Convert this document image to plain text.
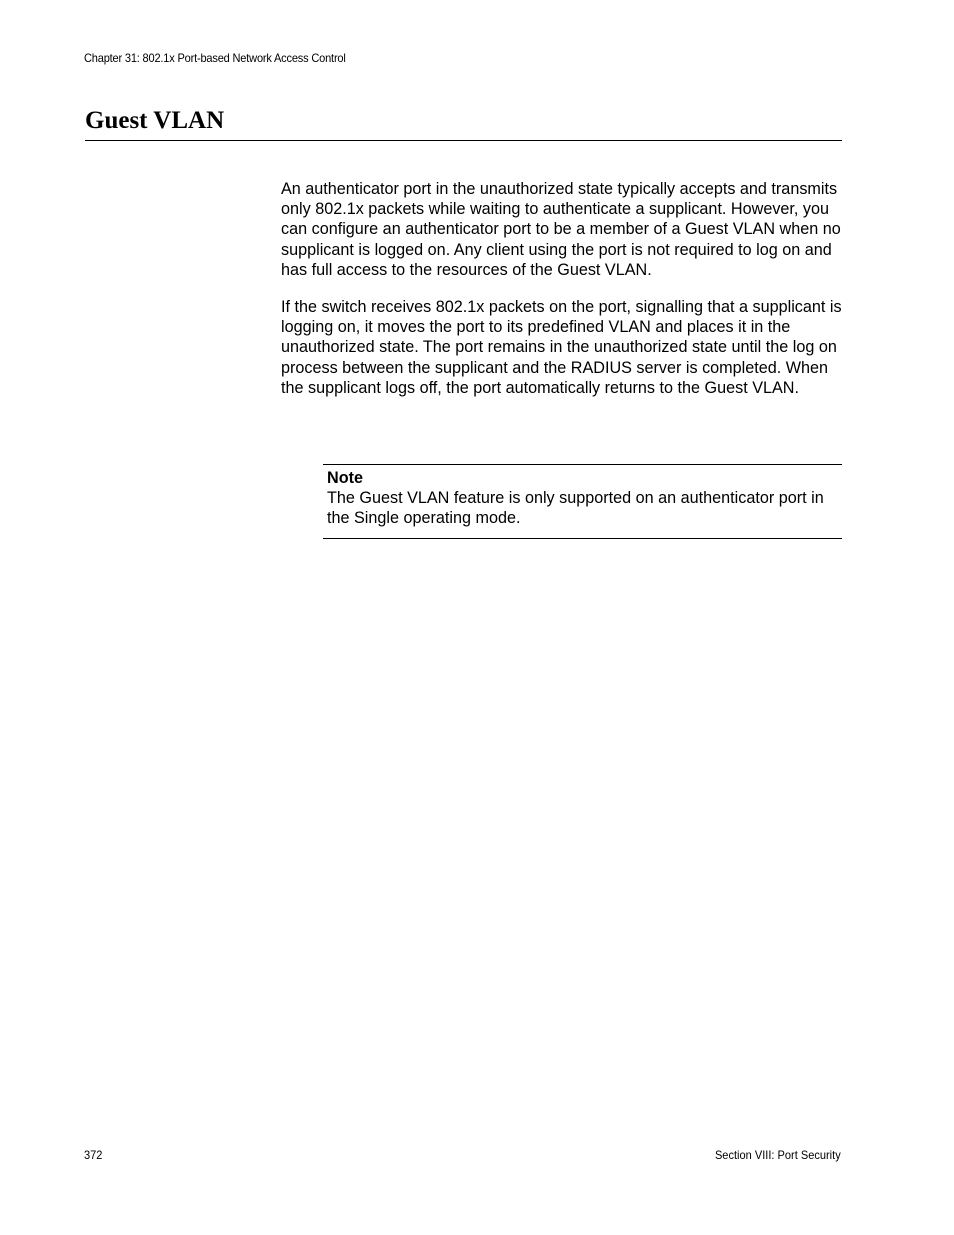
Chapter 31: 802.1x Port-based Network Access Control
Guest VLAN

An authenticator port in the unauthorized state typically accepts and transmits only 802.1x packets while waiting to authenticate a supplicant. However, you can configure an authenticator port to be a member of a Guest VLAN when no supplicant is logged on. Any client using the port is not required to log on and has full access to the resources of the Guest VLAN.

If the switch receives 802.1x packets on the port, signalling that a supplicant is logging on, it moves the port to its predefined VLAN and places it in the unauthorized state. The port remains in the unauthorized state until the log on process between the supplicant and the RADIUS server is completed. When the supplicant logs off, the port automatically returns to the Guest VLAN.

Note
The Guest VLAN feature is only supported on an authenticator port in the Single operating mode.
372	Section VIII: Port Security
